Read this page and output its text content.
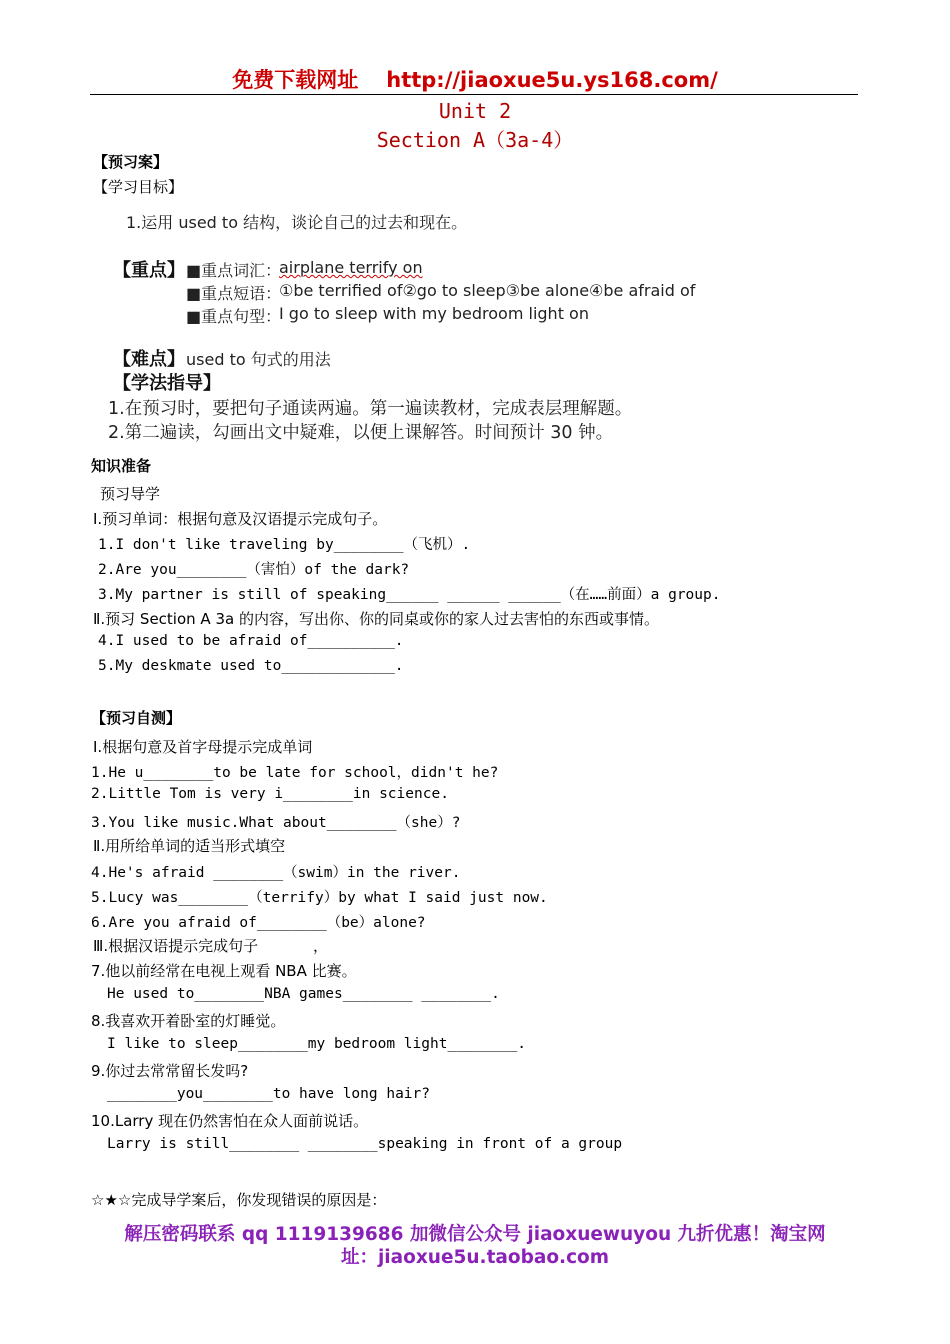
免费下载网址 http://jiaoxue5u.ys168.com/
Unit 2
Section A（3a-4）
【预习案】
【学习目标】
1.运用 used to 结构，谈论自己的过去和现在。
【重点】 ■重点词汇：
airplane terrify on
■重点短语：
①be terrified of②go to sleep③be alone④be afraid of
■重点句型：
I go to sleep with my bedroom light on
【难点】 used to 句式的用法
【学法指导】
1.在预习时，要把句子通读两遍。第一遍读教材，完成表层理解题。
2.第二遍读，勾画出文中疑难，以便上课解答。时间预计 30 钟。
知识准备
预习导学
Ⅰ.预习单词：根据句意及汉语提示完成句子。
1.I don't like traveling by________（飞机）.
2.Are you________（害怕）of the dark?
3.My partner is still of speaking______ ______ ______（在……前面）a group.
Ⅱ.预习 Section A 3a 的内容，写出你、你的同桌或你的家人过去害怕的东西或事情。
4.I used to be afraid of__________.
5.My deskmate used to_____________.
【预习自测】
Ⅰ.根据句意及首字母提示完成单词
1.He u________to be late for school，didn't he?
2.Little Tom is very i________in science.
3.You like music.What about________（she）?
Ⅱ.用所给单词的适当形式填空
4.He's afraid ________（swim）in the river.
5.Lucy was________（terrify）by what I said just now.
6.Are you afraid of________（be）alone?
Ⅲ.根据汉语提示完成句子	，
7.他以前经常在电视上观看 NBA 比赛。
He used to________NBA games________ ________.
8.我喜欢开着卧室的灯睡觉。
I like to sleep________my bedroom light________.
9.你过去常常留长发吗?
________you________to have long hair?
10.Larry 现在仍然害怕在众人面前说话。
Larry is still________ ________speaking in front of a group
☆★☆完成导学案后，你发现错误的原因是：
解压密码联系 qq 1119139686 加微信公众号 jiaoxuewuyou 九折优惠！淘宝网
址：jiaoxue5u.taobao.com
